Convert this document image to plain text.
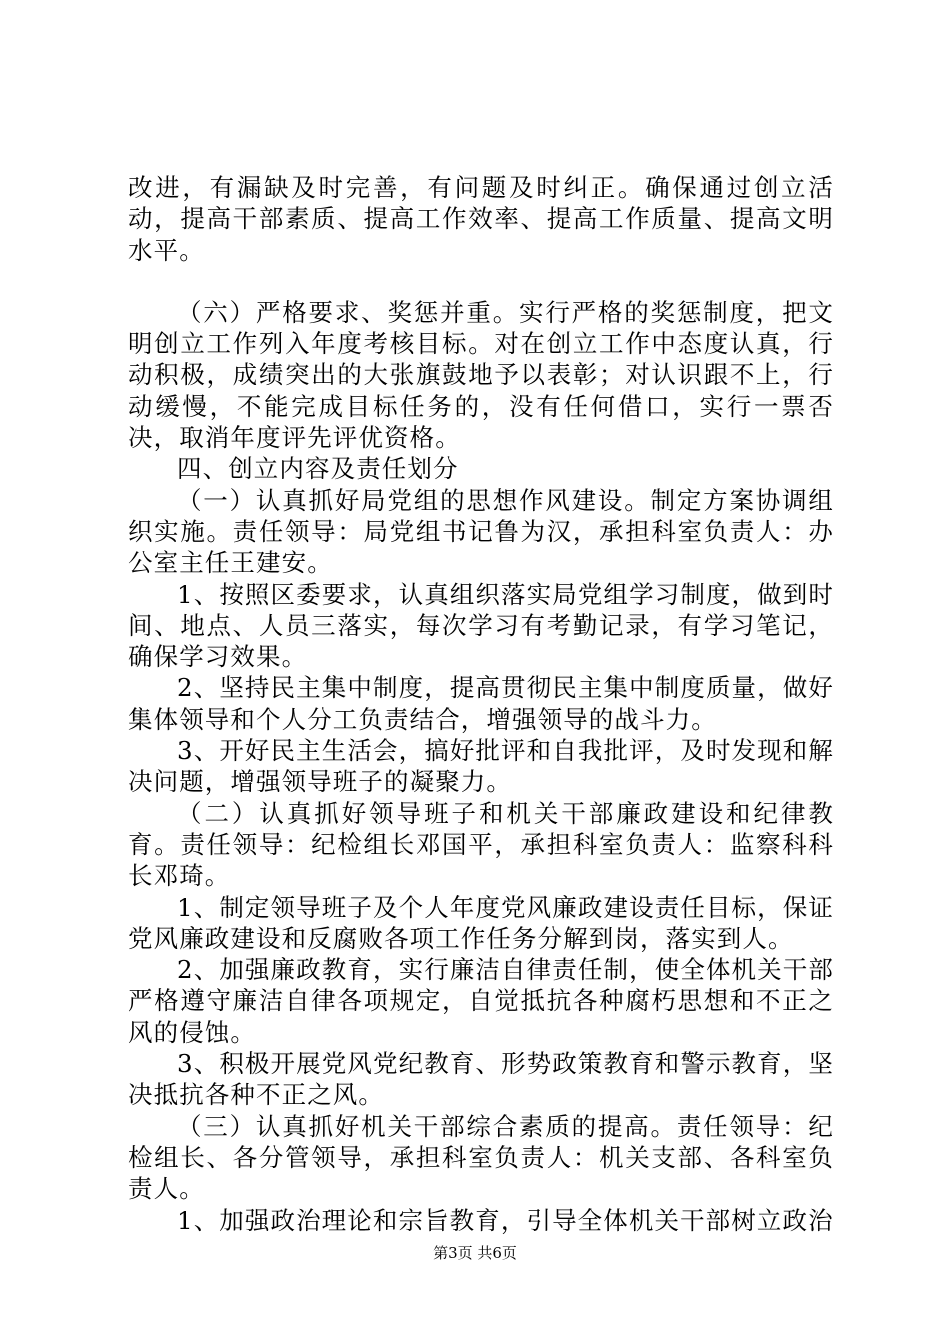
改进，有漏缺及时完善，有问题及时纠正。确保通过创立活动，提高干部素质、提高工作效率、提高工作质量、提高文明水平。

（六）严格要求、奖惩并重。实行严格的奖惩制度，把文明创立工作列入年度考核目标。对在创立工作中态度认真，行动积极，成绩突出的大张旗鼓地予以表彰；对认识跟不上，行动缓慢，不能完成目标任务的，没有任何借口，实行一票否决，取消年度评先评优资格。

四、创立内容及责任划分

（一）认真抓好局党组的思想作风建设。制定方案协调组织实施。责任领导：局党组书记鲁为汉，承担科室负责人：办公室主任王建安。

1、按照区委要求，认真组织落实局党组学习制度，做到时间、地点、人员三落实，每次学习有考勤记录，有学习笔记，确保学习效果。

2、坚持民主集中制度，提高贯彻民主集中制度质量，做好集体领导和个人分工负责结合，增强领导的战斗力。

3、开好民主生活会，搞好批评和自我批评，及时发现和解决问题，增强领导班子的凝聚力。

（二）认真抓好领导班子和机关干部廉政建设和纪律教育。责任领导：纪检组长邓国平，承担科室负责人：监察科科长邓琦。

1、制定领导班子及个人年度党风廉政建设责任目标，保证党风廉政建设和反腐败各项工作任务分解到岗，落实到人。

2、加强廉政教育，实行廉洁自律责任制，使全体机关干部严格遵守廉洁自律各项规定，自觉抵抗各种腐朽思想和不正之风的侵蚀。

3、积极开展党风党纪教育、形势政策教育和警示教育，坚决抵抗各种不正之风。

（三）认真抓好机关干部综合素质的提高。责任领导：纪检组长、各分管领导，承担科室负责人：机关支部、各科室负责人。

1、加强政治理论和宗旨教育，引导全体机关干部树立政治

第3页 共6页
